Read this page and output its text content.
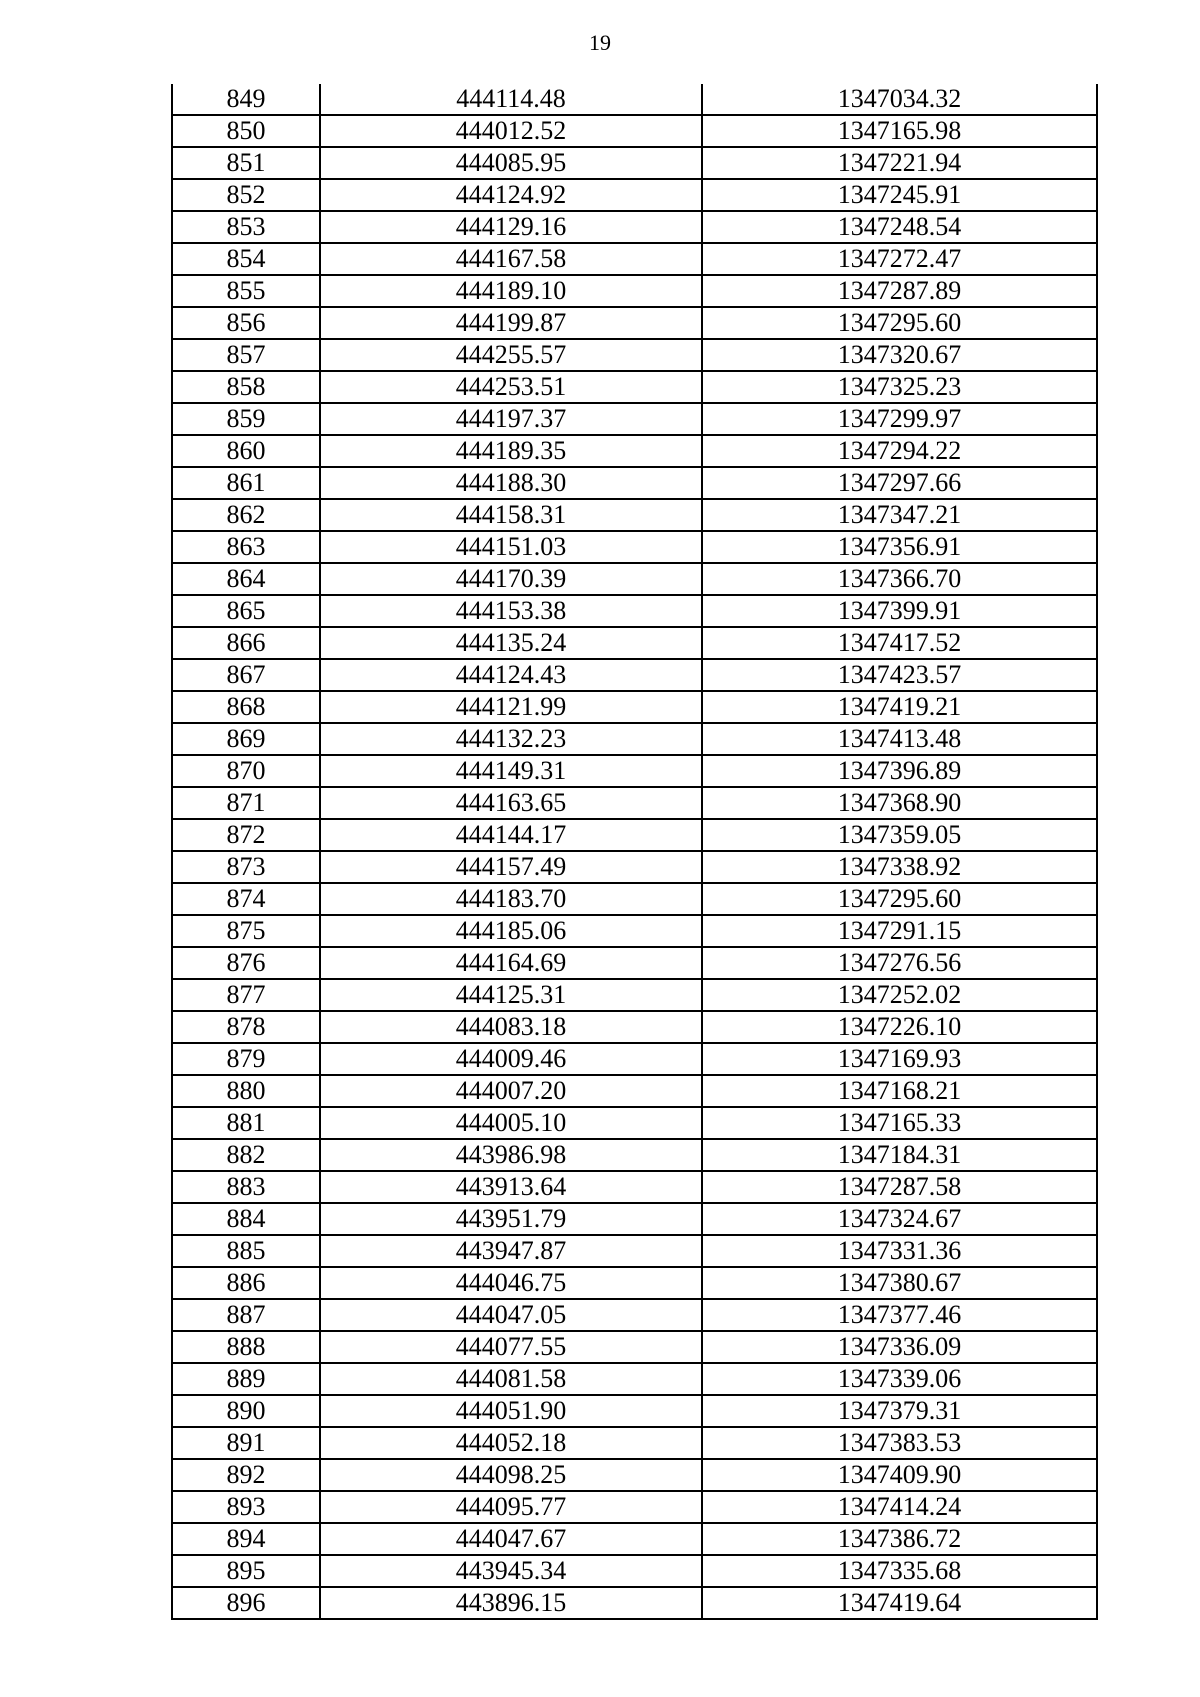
19
849	444114.48	1347034.32
850	444012.52	1347165.98
851	444085.95	1347221.94
852	444124.92	1347245.91
853	444129.16	1347248.54
854	444167.58	1347272.47
855	444189.10	1347287.89
856	444199.87	1347295.60
857	444255.57	1347320.67
858	444253.51	1347325.23
859	444197.37	1347299.97
860	444189.35	1347294.22
861	444188.30	1347297.66
862	444158.31	1347347.21
863	444151.03	1347356.91
864	444170.39	1347366.70
865	444153.38	1347399.91
866	444135.24	1347417.52
867	444124.43	1347423.57
868	444121.99	1347419.21
869	444132.23	1347413.48
870	444149.31	1347396.89
871	444163.65	1347368.90
872	444144.17	1347359.05
873	444157.49	1347338.92
874	444183.70	1347295.60
875	444185.06	1347291.15
876	444164.69	1347276.56
877	444125.31	1347252.02
878	444083.18	1347226.10
879	444009.46	1347169.93
880	444007.20	1347168.21
881	444005.10	1347165.33
882	443986.98	1347184.31
883	443913.64	1347287.58
884	443951.79	1347324.67
885	443947.87	1347331.36
886	444046.75	1347380.67
887	444047.05	1347377.46
888	444077.55	1347336.09
889	444081.58	1347339.06
890	444051.90	1347379.31
891	444052.18	1347383.53
892	444098.25	1347409.90
893	444095.77	1347414.24
894	444047.67	1347386.72
895	443945.34	1347335.68
896	443896.15	1347419.64
